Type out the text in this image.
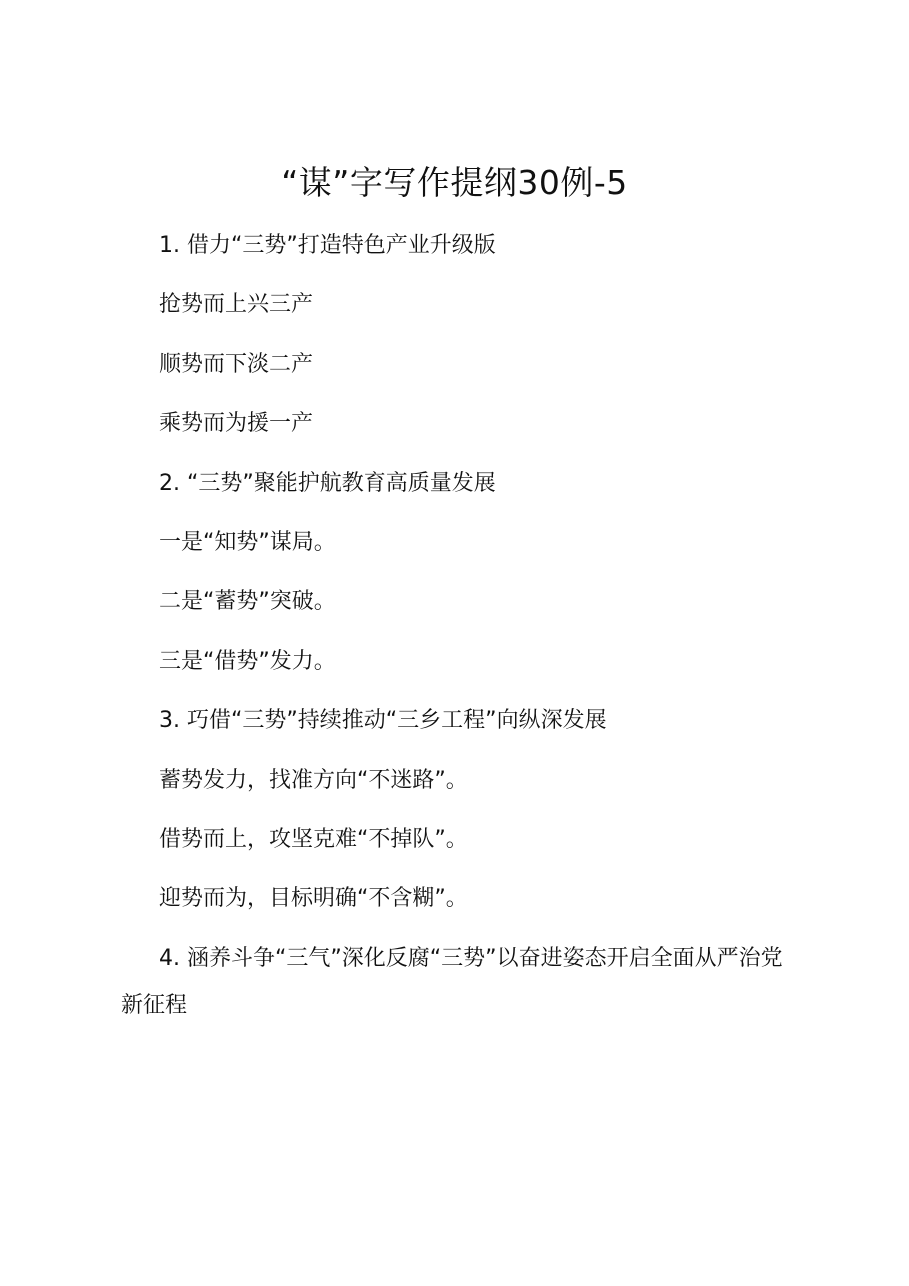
“谋”字写作提纲30例-5

1. 借力“三势”打造特色产业升级版

抢势而上兴三产

顺势而下淡二产

乘势而为援一产

2. “三势”聚能护航教育高质量发展

一是“知势”谋局。

二是“蓄势”突破。

三是“借势”发力。

3. 巧借“三势”持续推动“三乡工程”向纵深发展

蓄势发力，找准方向“不迷路”。

借势而上，攻坚克难“不掉队”。

迎势而为，目标明确“不含糊”。

4. 涵养斗争“三气”深化反腐“三势”以奋进姿态开启全面从严治党新征程
